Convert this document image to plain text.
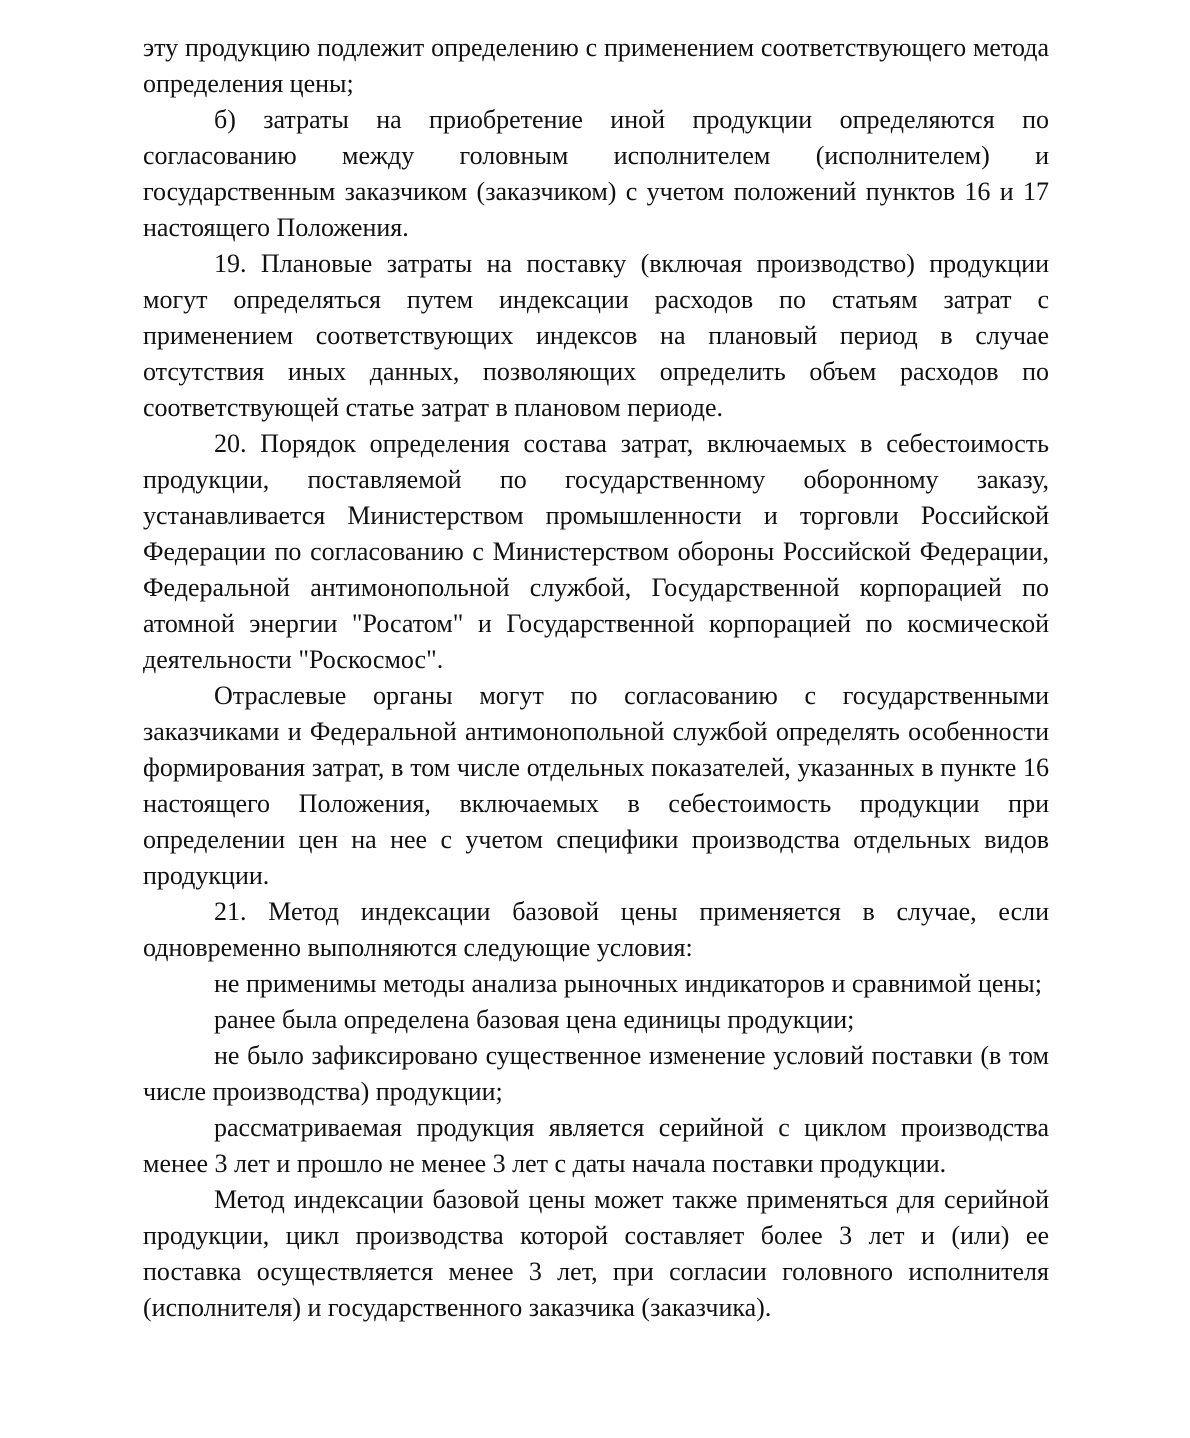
эту продукцию подлежит определению с применением соответствующего метода определения цены;

б) затраты на приобретение иной продукции определяются по согласованию между головным исполнителем (исполнителем) и государственным заказчиком (заказчиком) с учетом положений пунктов 16 и 17 настоящего Положения.

19. Плановые затраты на поставку (включая производство) продукции могут определяться путем индексации расходов по статьям затрат с применением соответствующих индексов на плановый период в случае отсутствия иных данных, позволяющих определить объем расходов по соответствующей статье затрат в плановом периоде.

20. Порядок определения состава затрат, включаемых в себестоимость продукции, поставляемой по государственному оборонному заказу, устанавливается Министерством промышленности и торговли Российской Федерации по согласованию с Министерством обороны Российской Федерации, Федеральной антимонопольной службой, Государственной корпорацией по атомной энергии "Росатом" и Государственной корпорацией по космической деятельности "Роскосмос".

Отраслевые органы могут по согласованию с государственными заказчиками и Федеральной антимонопольной службой определять особенности формирования затрат, в том числе отдельных показателей, указанных в пункте 16 настоящего Положения, включаемых в себестоимость продукции при определении цен на нее с учетом специфики производства отдельных видов продукции.

21. Метод индексации базовой цены применяется в случае, если одновременно выполняются следующие условия:

не применимы методы анализа рыночных индикаторов и сравнимой цены;

ранее была определена базовая цена единицы продукции;

не было зафиксировано существенное изменение условий поставки (в том числе производства) продукции;

рассматриваемая продукция является серийной с циклом производства менее 3 лет и прошло не менее 3 лет с даты начала поставки продукции.

Метод индексации базовой цены может также применяться для серийной продукции, цикл производства которой составляет более 3 лет и (или) ее поставка осуществляется менее 3 лет, при согласии головного исполнителя (исполнителя) и государственного заказчика (заказчика).
